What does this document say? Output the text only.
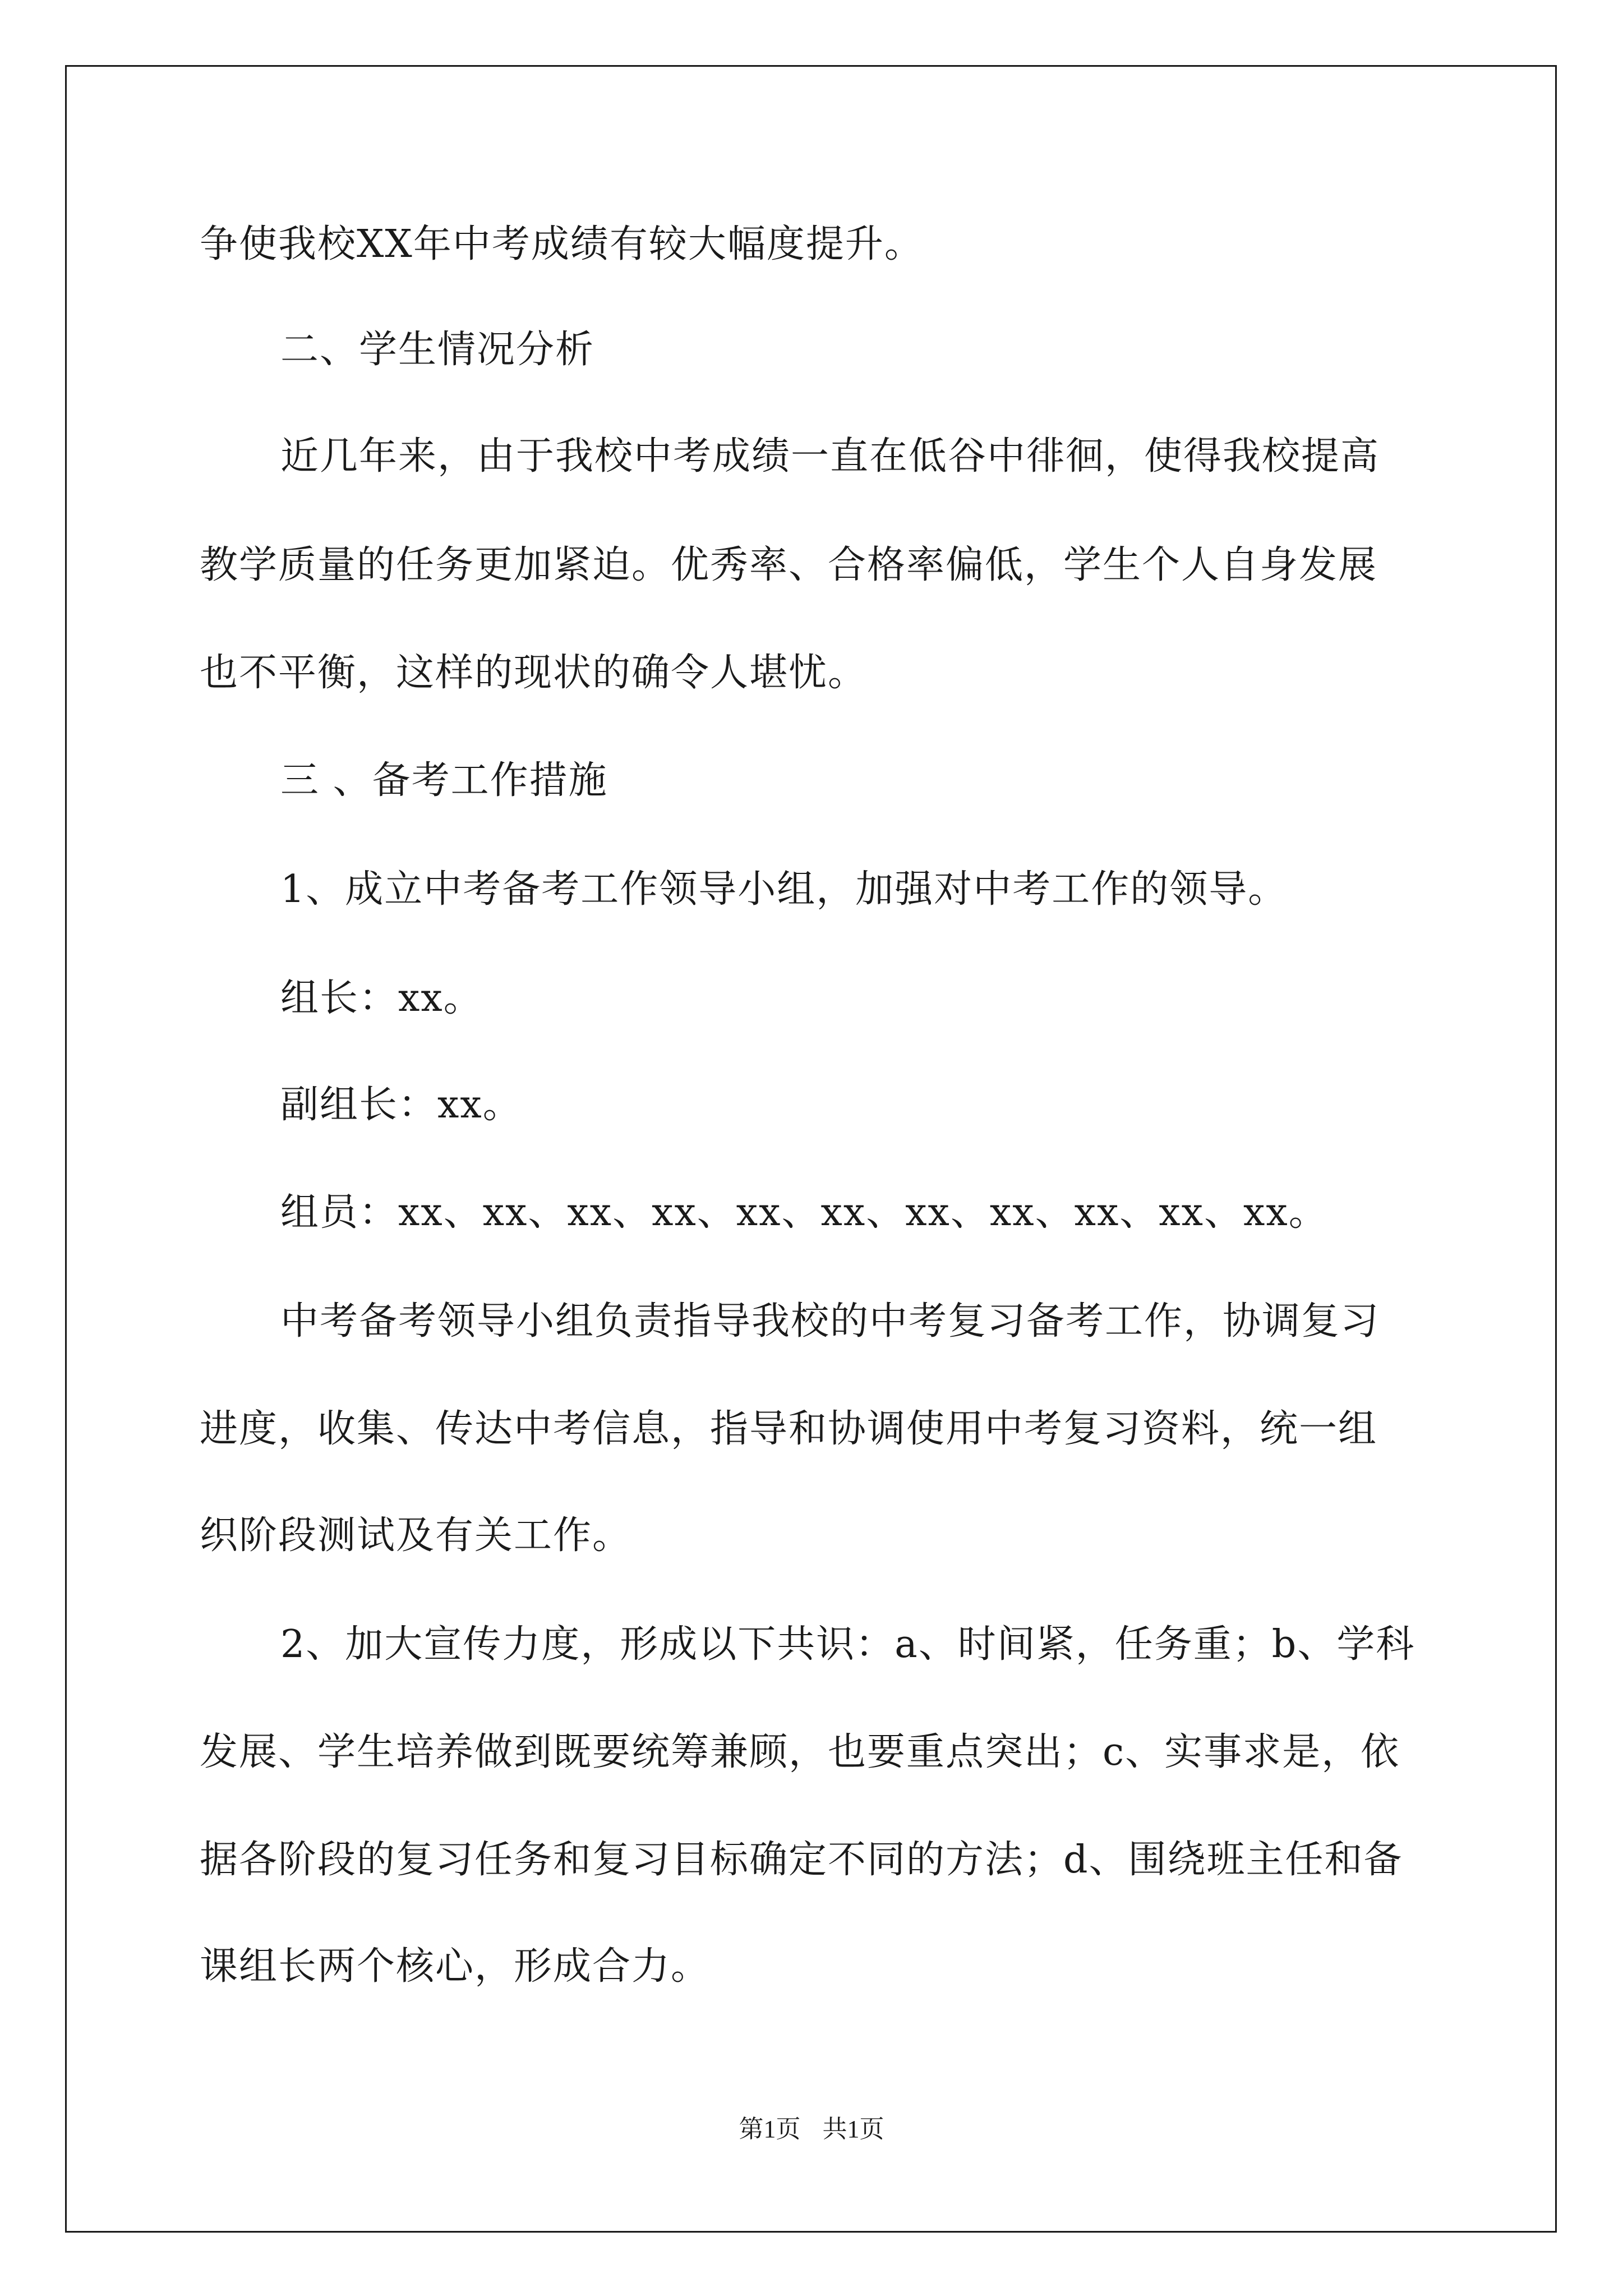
争使我校XX年中考成绩有较大幅度提升。
二、学生情况分析
近几年来，由于我校中考成绩一直在低谷中徘徊，使得我校提高
教学质量的任务更加紧迫。优秀率、合格率偏低，学生个人自身发展
也不平衡，这样的现状的确令人堪忧。
三 、备考工作措施
1、成立中考备考工作领导小组，加强对中考工作的领导。
组长：xx。
副组长：xx。
组员：xx、xx、xx、xx、xx、xx、xx、xx、xx、xx、xx。
中考备考领导小组负责指导我校的中考复习备考工作，协调复习
进度，收集、传达中考信息，指导和协调使用中考复习资料，统一组
织阶段测试及有关工作。
2、加大宣传力度，形成以下共识：a、时间紧，任务重；b、学科
发展、学生培养做到既要统筹兼顾，也要重点突出；c、实事求是，依
据各阶段的复习任务和复习目标确定不同的方法；d、围绕班主任和备
课组长两个核心，形成合力。
第1页 共1页
